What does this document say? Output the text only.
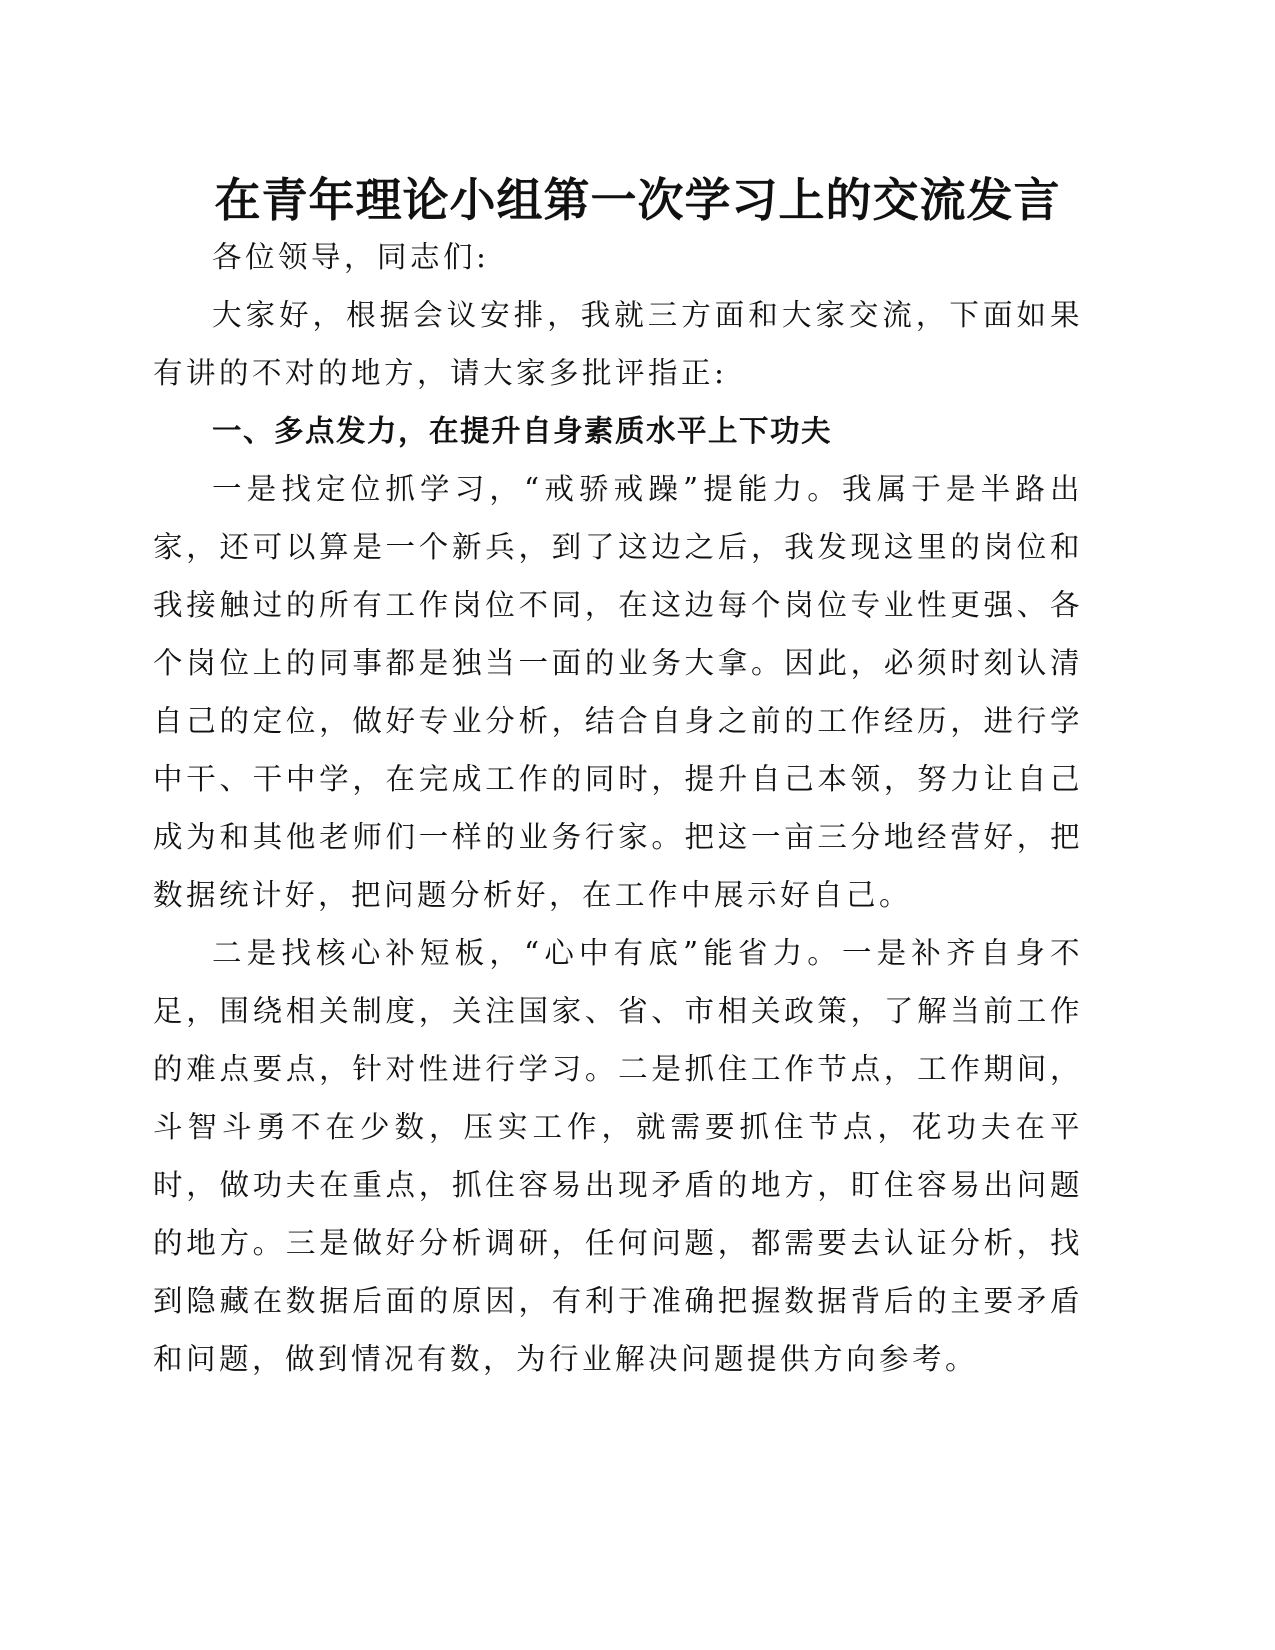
在青年理论小组第一次学习上的交流发言

各位领导，同志们:

大家好，根据会议安排，我就三方面和大家交流，下面如果有讲的不对的地方，请大家多批评指正:

一、多点发力，在提升自身素质水平上下功夫

一是找定位抓学习，“戒骄戒躁”提能力。我属于是半路出家，还可以算是一个新兵，到了这边之后，我发现这里的岗位和我接触过的所有工作岗位不同，在这边每个岗位专业性更强、各个岗位上的同事都是独当一面的业务大拿。因此，必须时刻认清自己的定位，做好专业分析，结合自身之前的工作经历，进行学中干、干中学，在完成工作的同时，提升自己本领，努力让自己成为和其他老师们一样的业务行家。把这一亩三分地经营好，把数据统计好，把问题分析好，在工作中展示好自己。

二是找核心补短板，“心中有底”能省力。一是补齐自身不足，围绕相关制度，关注国家、省、市相关政策，了解当前工作的难点要点，针对性进行学习。二是抓住工作节点，工作期间，斗智斗勇不在少数，压实工作，就需要抓住节点，花功夫在平时，做功夫在重点，抓住容易出现矛盾的地方，盯住容易出问题的地方。三是做好分析调研，任何问题，都需要去认证分析，找到隐藏在数据后面的原因，有利于准确把握数据背后的主要矛盾和问题，做到情况有数，为行业解决问题提供方向参考。
